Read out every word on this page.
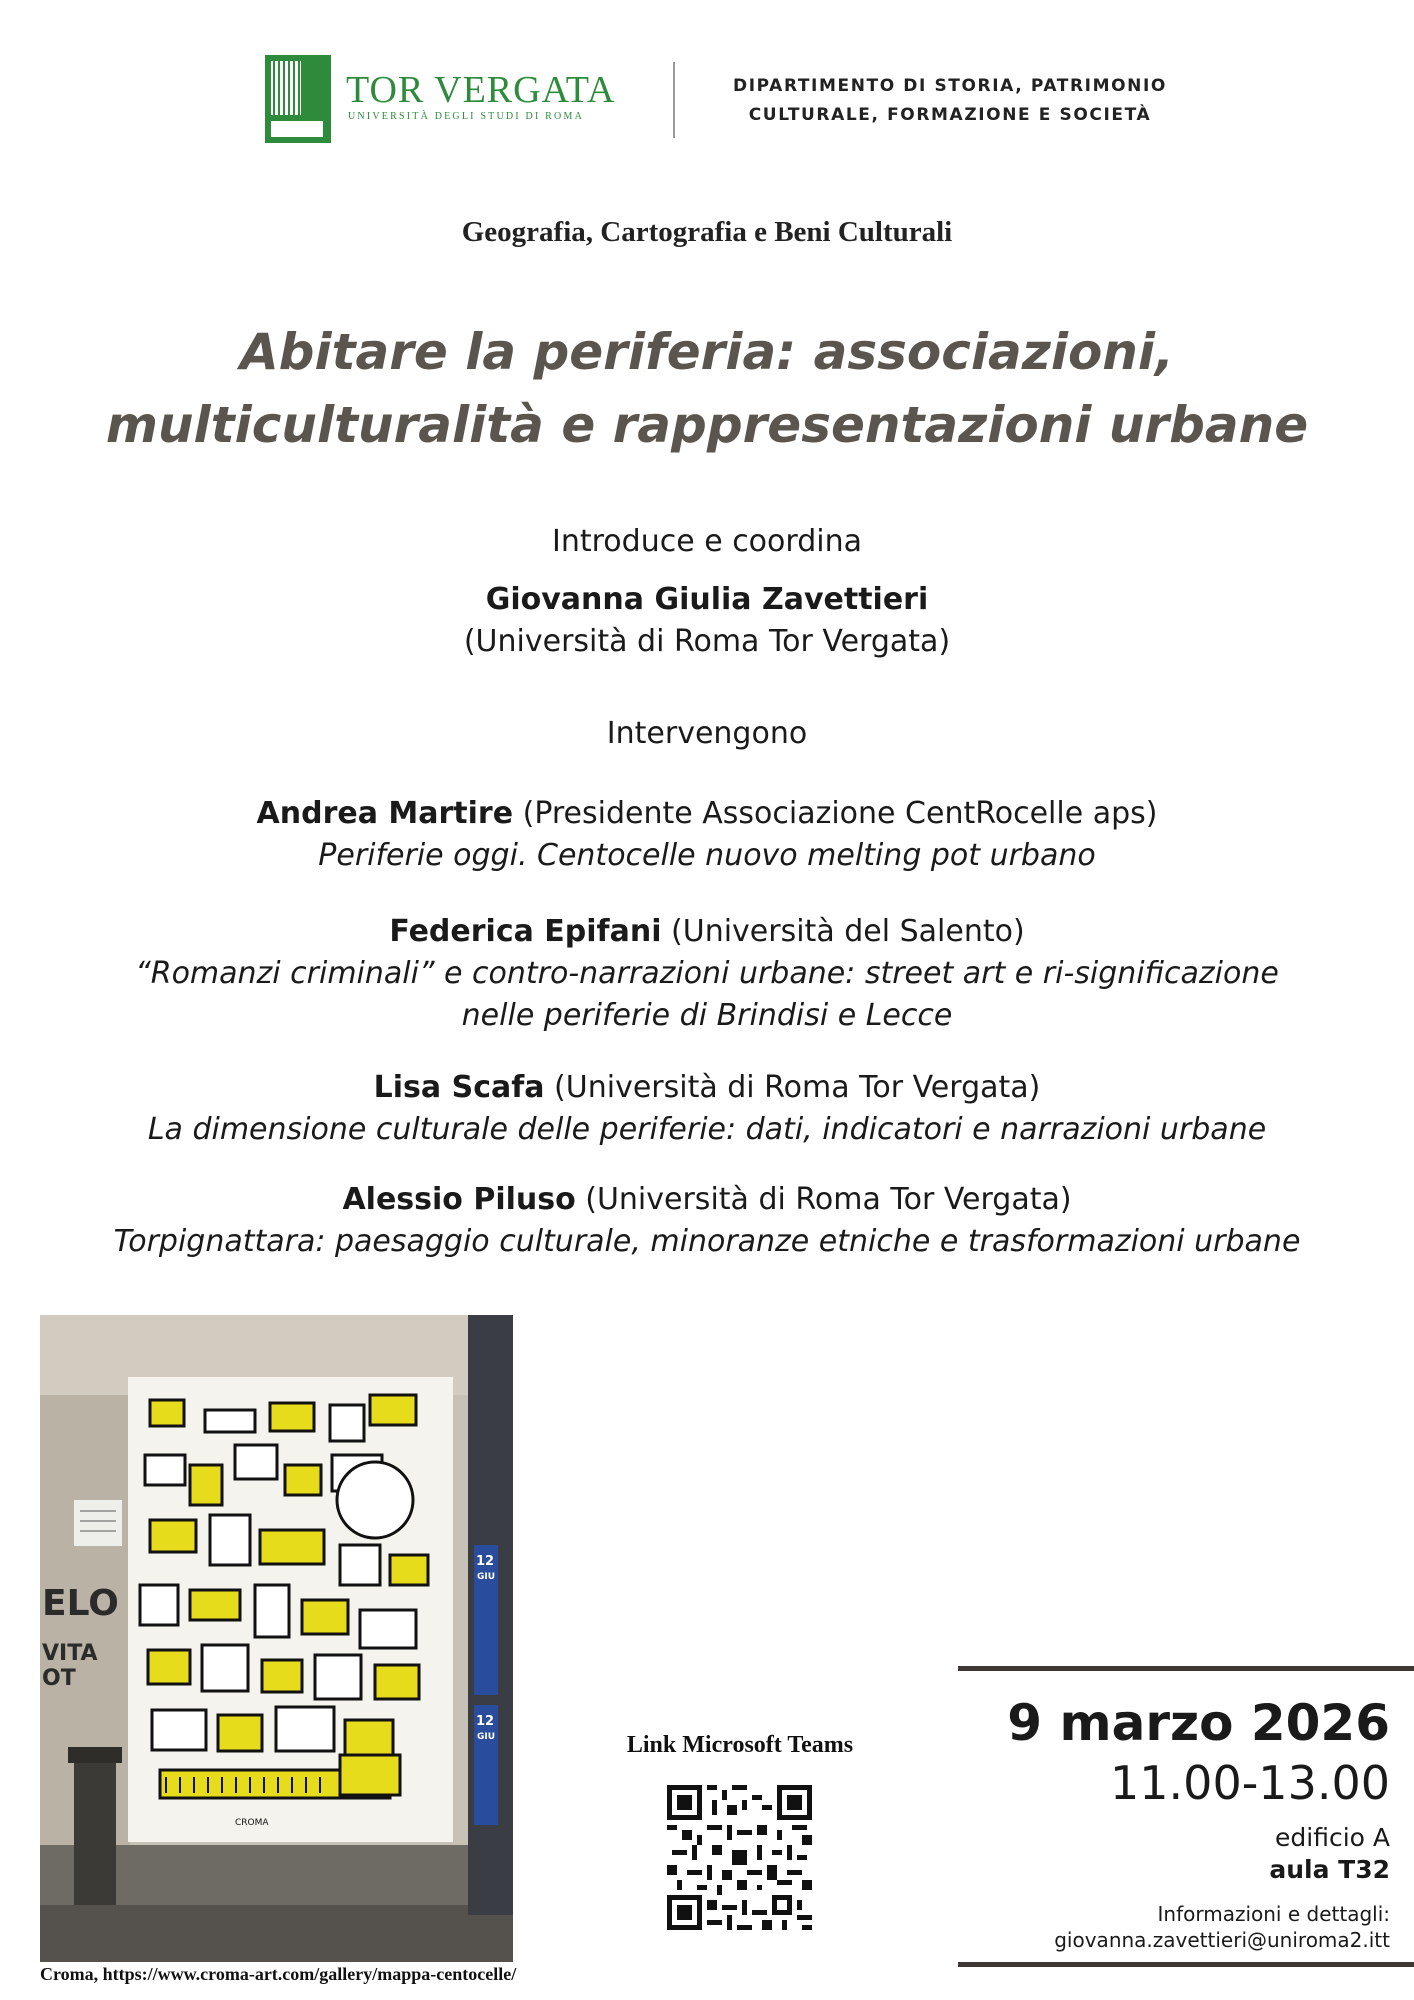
TOR VERGATA
UNIVERSITÀ DEGLI STUDI DI ROMA
DIPARTIMENTO DI STORIA, PATRIMONIO
CULTURALE, FORMAZIONE E SOCIETÀ
Geografia, Cartografia e Beni Culturali
Abitare la periferia: associazioni,
multiculturalità e rappresentazioni urbane
Introduce e coordina
Giovanna Giulia Zavettieri
(Università di Roma Tor Vergata)
Intervengono
Andrea Martire (Presidente Associazione CentRocelle aps)
Periferie oggi. Centocelle nuovo melting pot urbano
Federica Epifani (Università del Salento)
“Romanzi criminali” e contro-narrazioni urbane: street art e ri-significazione
nelle periferie di Brindisi e Lecce
Lisa Scafa (Università di Roma Tor Vergata)
La dimensione culturale delle periferie: dati, indicatori e narrazioni urbane
Alessio Piluso (Università di Roma Tor Vergata)
Torpignattara: paesaggio culturale, minoranze etniche e trasformazioni urbane
ELO
VITA
OT
12
GIU
12
GIU
CROMA
Croma, https://www.croma-art.com/gallery/mappa-centocelle/
Link Microsoft Teams	9 marzo 2026
11.00-13.00
edificio A
aula T32
Informazioni e dettagli:
giovanna.zavettieri@uniroma2.itt
